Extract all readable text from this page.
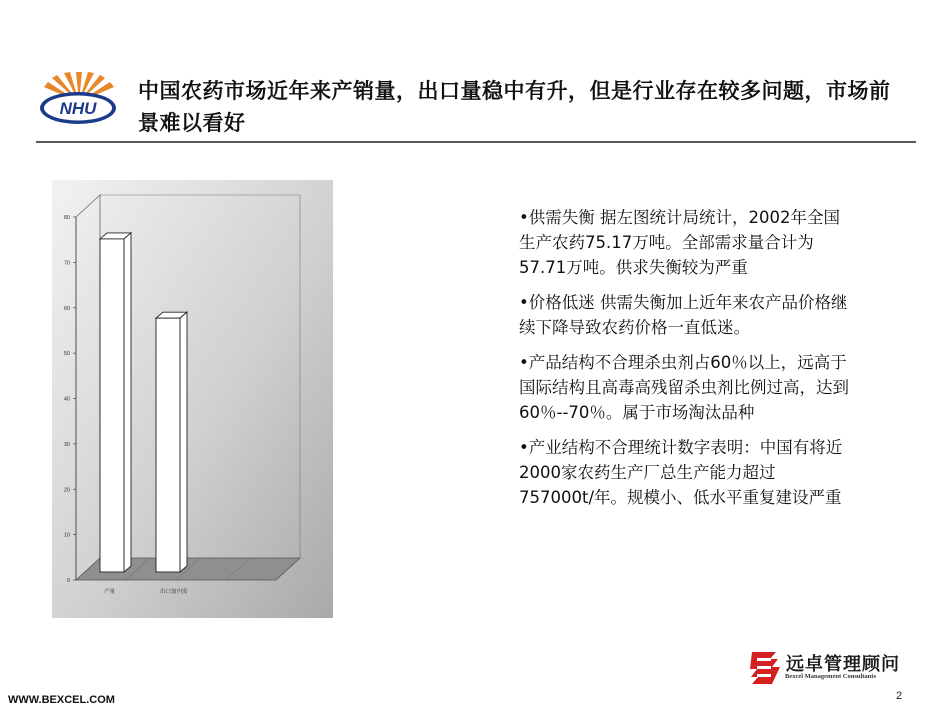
NHU
中国农药市场近年来产销量，出口量稳中有升，但是行业存在较多问题，市场前景难以看好
0
10
20
30
40
50
60
70
80
产量	出口加内需
•供需失衡 据左图统计局统计，2002年全国生产农药75.17万吨。全部需求量合计为57.71万吨。供求失衡较为严重
•价格低迷 供需失衡加上近年来农产品价格继续下降导致农药价格一直低迷。
•产品结构不合理杀虫剂占60％以上，远高于国际结构且高毒高残留杀虫剂比例过高，达到60％--70％。属于市场淘汰品种
•产业结构不合理统计数字表明：中国有将近2000家农药生产厂总生产能力超过757000t/年。规模小、低水平重复建设严重
远卓管理顾问
Bexcel Management Consultants
WWW.BEXCEL.COM	2
